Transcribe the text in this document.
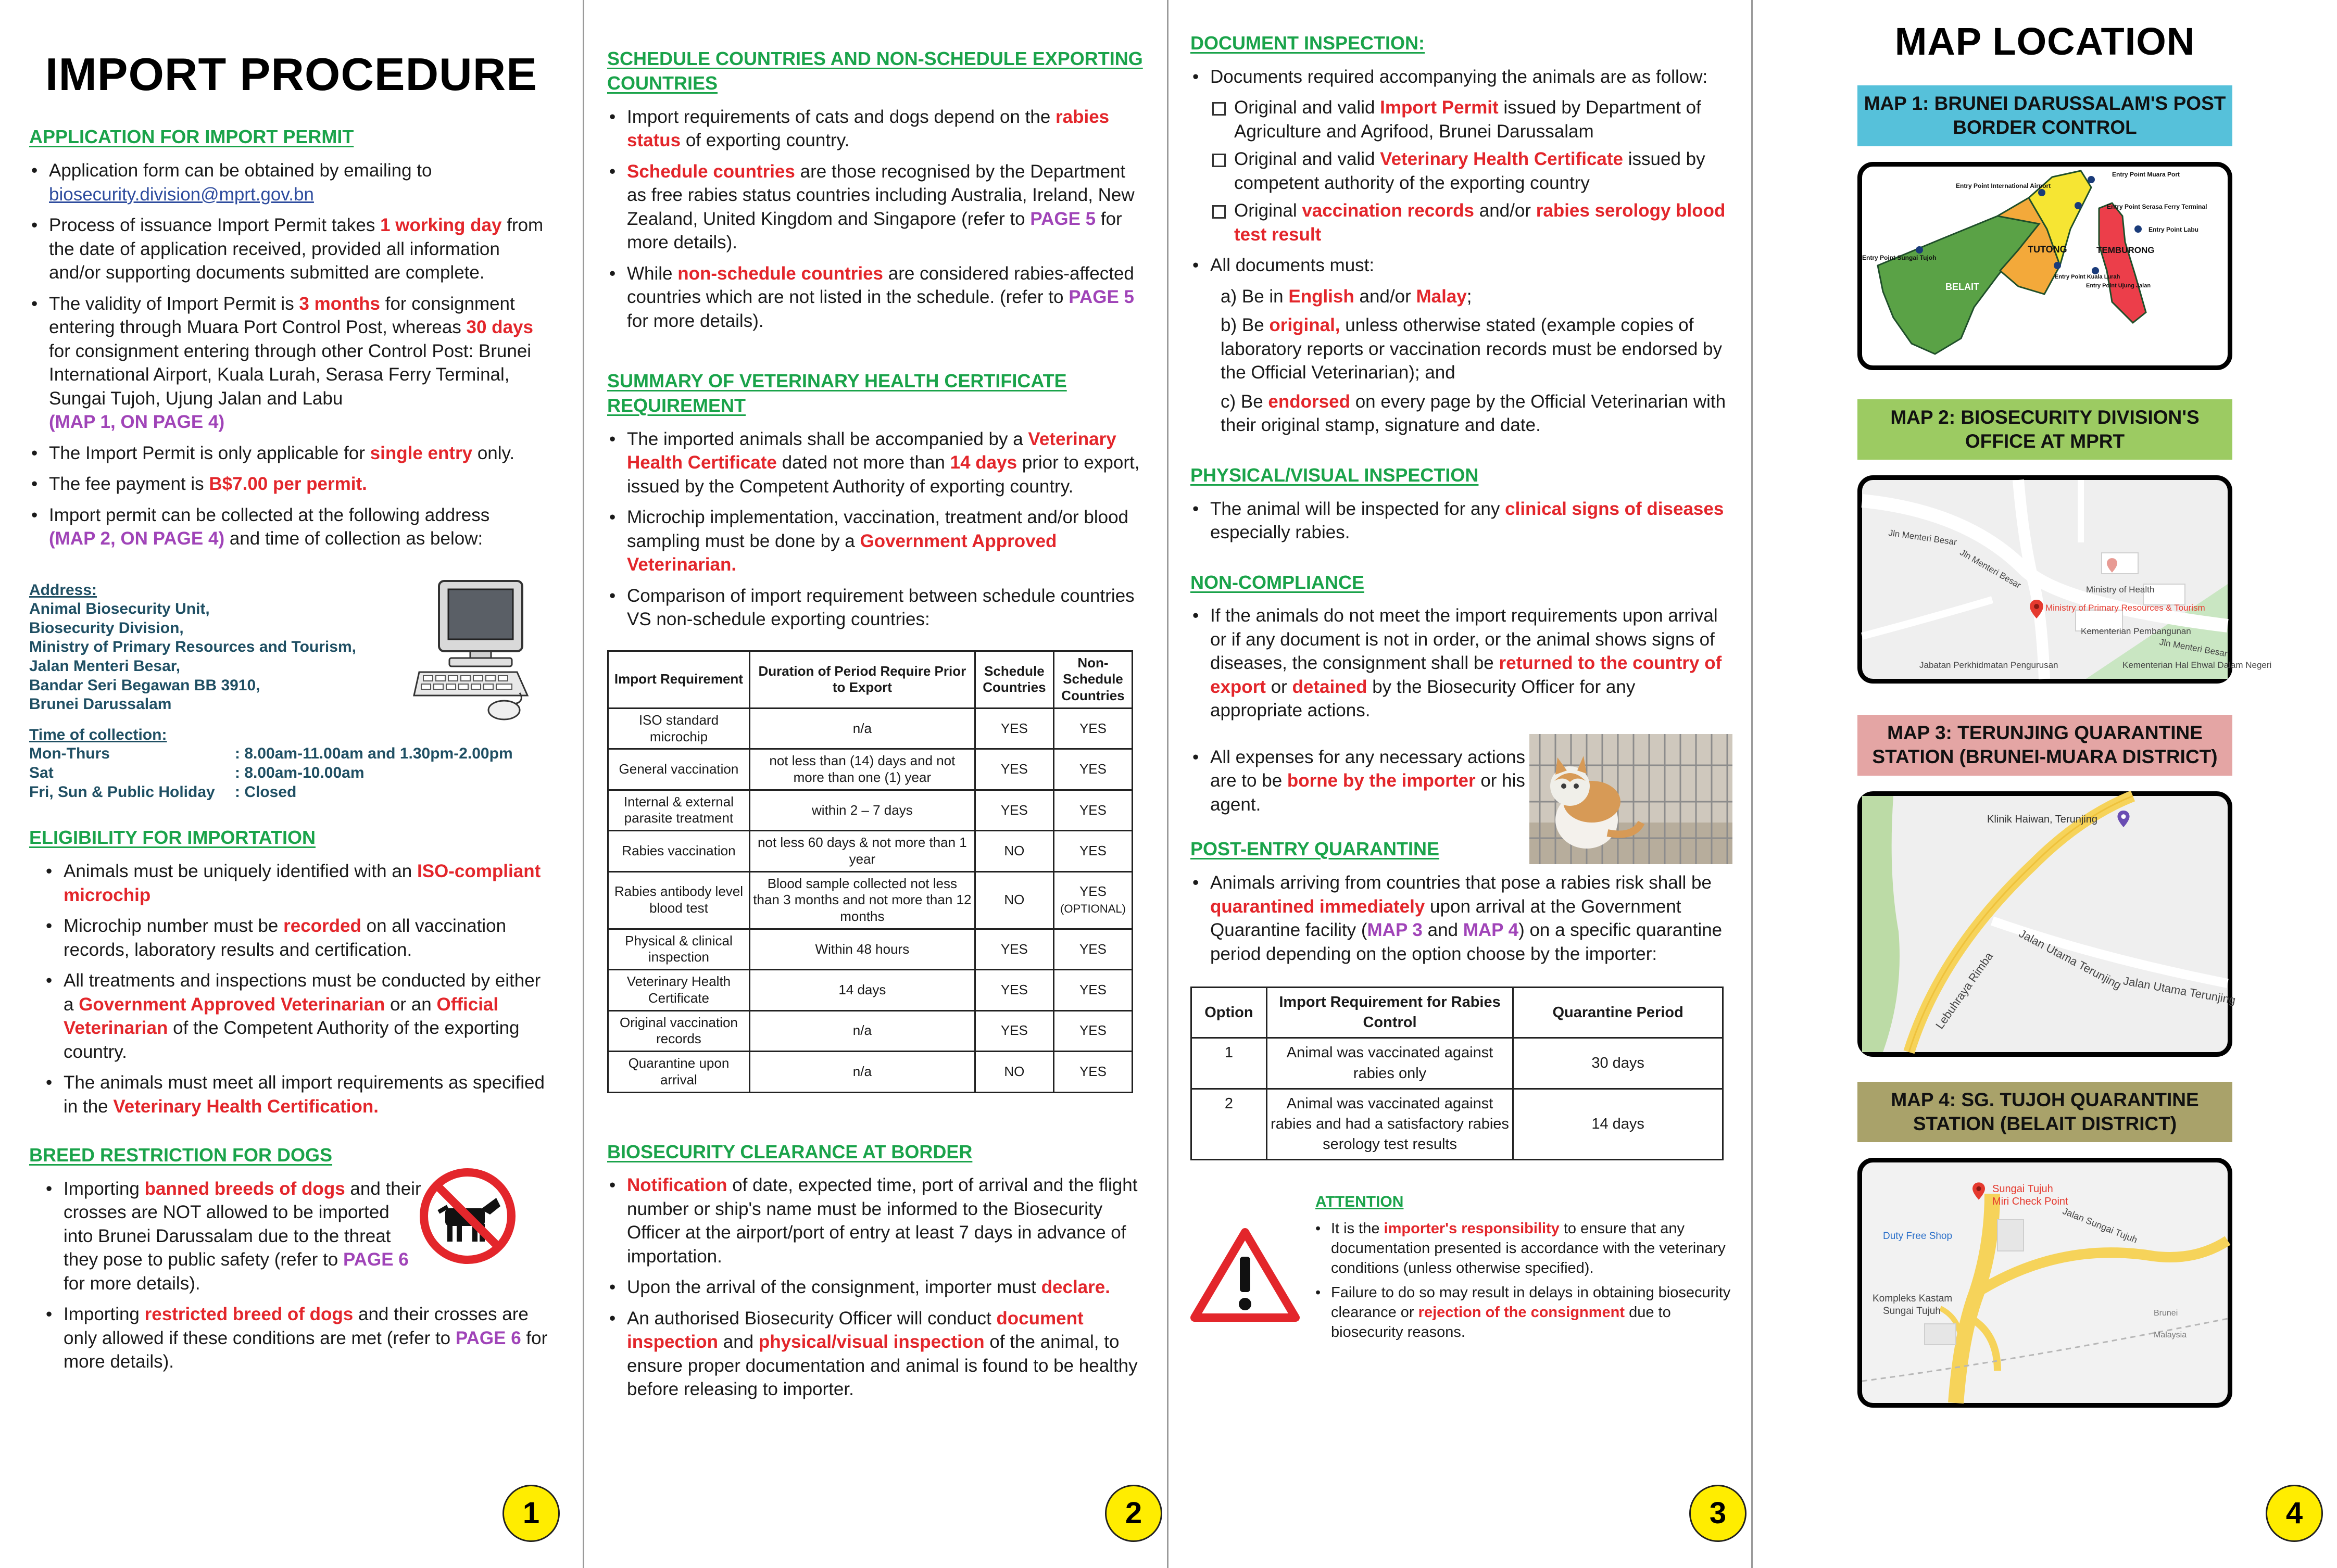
IMPORT PROCEDURE
APPLICATION FOR IMPORT PERMIT
• Application form can be obtained by emailing to
biosecurity.division@mprt.gov.bn
• Process of issuance Import Permit takes 1 working day from the date of application received, provided all information and/or supporting documents submitted are complete.
• The validity of Import Permit is 3 months for consignment entering through Muara Port Control Post, whereas 30 days for consignment entering through other Control Post: Brunei International Airport, Kuala Lurah, Serasa Ferry Terminal, Sungai Tujoh, Ujung Jalan and Labu
(MAP 1, ON PAGE 4)
• The Import Permit is only applicable for single entry only.
• The fee payment is B$7.00 per permit.
• Import permit can be collected at the following address
(MAP 2, ON PAGE 4) and time of collection as below:
Address:
Animal Biosecurity Unit,
Biosecurity Division,
Ministry of Primary Resources and Tourism,
Jalan Menteri Besar,
Bandar Seri Begawan BB 3910,
Brunei Darussalam
Time of collection:
Mon-Thurs	: 8.00am-11.00am and 1.30pm-2.00pm
Sat	: 8.00am-10.00am
Fri, Sun & Public Holiday	: Closed
ELIGIBILITY FOR IMPORTATION
• Animals must be uniquely identified with an ISO-compliant microchip
• Microchip number must be recorded on all vaccination records, laboratory results and certification.
• All treatments and inspections must be conducted by either a Government Approved Veterinarian or an Official Veterinarian of the Competent Authority of the exporting country.
• The animals must meet all import requirements as specified in the Veterinary Health Certification.
BREED RESTRICTION FOR DOGS
• Importing banned breeds of dogs and their crosses are NOT allowed to be imported into Brunei Darussalam due to the threat they pose to public safety (refer to PAGE 6 for more details).
• Importing restricted breed of dogs and their crosses are only allowed if these conditions are met (refer to PAGE 6 for more details).
1
SCHEDULE COUNTRIES AND NON-SCHEDULE EXPORTING COUNTRIES
• Import requirements of cats and dogs depend on the rabies status of exporting country.
• Schedule countries are those recognised by the Department as free rabies status countries including Australia, Ireland, New Zealand, United Kingdom and Singapore (refer to PAGE 5 for more details).
• While non-schedule countries are considered rabies-affected countries which are not listed in the schedule. (refer to PAGE 5 for more details).
SUMMARY OF VETERINARY HEALTH CERTIFICATE REQUIREMENT
• The imported animals shall be accompanied by a Veterinary Health Certificate dated not more than 14 days prior to export, issued by the Competent Authority of exporting country.
• Microchip implementation, vaccination, treatment and/or blood sampling must be done by a Government Approved Veterinarian.
• Comparison of import requirement between schedule countries VS non-schedule exporting countries:
Import Requirement	Duration of Period Require Prior to Export	Schedule Countries	Non-Schedule Countries
ISO standard microchip	n/a	YES	YES
General vaccination	not less than (14) days and not more than one (1) year	YES	YES
Internal & external parasite treatment	within 2 – 7 days	YES	YES
Rabies vaccination	not less 60 days & not more than 1 year	NO	YES
Rabies antibody level blood test	Blood sample collected not less than 3 months and not more than 12 months	NO	YES
(OPTIONAL)
Physical & clinical inspection	Within 48 hours	YES	YES
Veterinary Health Certificate	14 days	YES	YES
Original vaccination records	n/a	YES	YES
Quarantine upon arrival	n/a	NO	YES
BIOSECURITY CLEARANCE AT BORDER
• Notification of date, expected time, port of arrival and the flight number or ship's name must be informed to the Biosecurity Officer at the airport/port of entry at least 7 days in advance of importation.
• Upon the arrival of the consignment, importer must declare.
• An authorised Biosecurity Officer will conduct document inspection and physical/visual inspection of the animal, to ensure proper documentation and animal is found to be healthy before releasing to importer.
2
DOCUMENT INSPECTION:
• Documents required accompanying the animals are as follow:
Original and valid Import Permit issued by Department of Agriculture and Agrifood, Brunei Darussalam
Original and valid Veterinary Health Certificate issued by competent authority of the exporting country
Original vaccination records and/or rabies serology blood test result
• All documents must:

a) Be in English and/or Malay;

b) Be original, unless otherwise stated (example copies of laboratory reports or vaccination records must be endorsed by the Official Veterinarian); and

c) Be endorsed on every page by the Official Veterinarian with their original stamp, signature and date.

PHYSICAL/VISUAL INSPECTION
• The animal will be inspected for any clinical signs of diseases especially rabies.
NON-COMPLIANCE
• If the animals do not meet the import requirements upon arrival or if any document is not in order, or the animal shows signs of diseases, the consignment shall be returned to the country of export or detained by the Biosecurity Officer for any appropriate actions.
• All expenses for any necessary actions are to be borne by the importer or his agent.
POST-ENTRY QUARANTINE
• Animals arriving from countries that pose a rabies risk shall be quarantined immediately upon arrival at the Government Quarantine facility (MAP 3 and MAP 4) on a specific quarantine period depending on the option choose by the importer:
Option	Import Requirement for Rabies Control	Quarantine Period
1	Animal was vaccinated against rabies only	30 days
2	Animal was vaccinated against rabies and had a satisfactory rabies serology test results	14 days
ATTENTION
• It is the importer's responsibility to ensure that any documentation presented is accordance with the veterinary conditions (unless otherwise specified).
• Failure to do so may result in delays in obtaining biosecurity clearance or rejection of the consignment due to biosecurity reasons.
3
MAP LOCATION
MAP 1: BRUNEI DARUSSALAM'S POST BORDER CONTROL
TUTONG	TEMBURONG
BELAIT
Entry Point International Airport
Entry Point Muara Port
Entry Point Serasa Ferry Terminal
Entry Point Labu
Entry Point Sungai Tujoh
Entry Point Kuala Lurah
Entry Point Ujung Jalan
MAP 2: BIOSECURITY DIVISION'S OFFICE AT MPRT
Jln Menteri Besar
Jln Menteri Besar
Jln Menteri Besar
Ministry of Primary Resources & Tourism
Ministry of Health
Kementerian Pembangunan
Jabatan Perkhidmatan Pengurusan	Kementerian Hal Ehwal Dalam Negeri
MAP 3: TERUNJING QUARANTINE STATION (BRUNEI-MUARA DISTRICT)
Klinik Haiwan, Terunjing
Jalan Utama Terunjing
Jalan Utama Terunjing
Lebuhraya Rimba
MAP 4: SG. TUJOH QUARANTINE STATION (BELAIT DISTRICT)
Sungai Tujuh
Miri Check Point
Duty Free Shop
Kompleks Kastam
Sungai Tujuh
Jalan Sungai Tujuh
Brunei
Malaysia
4
